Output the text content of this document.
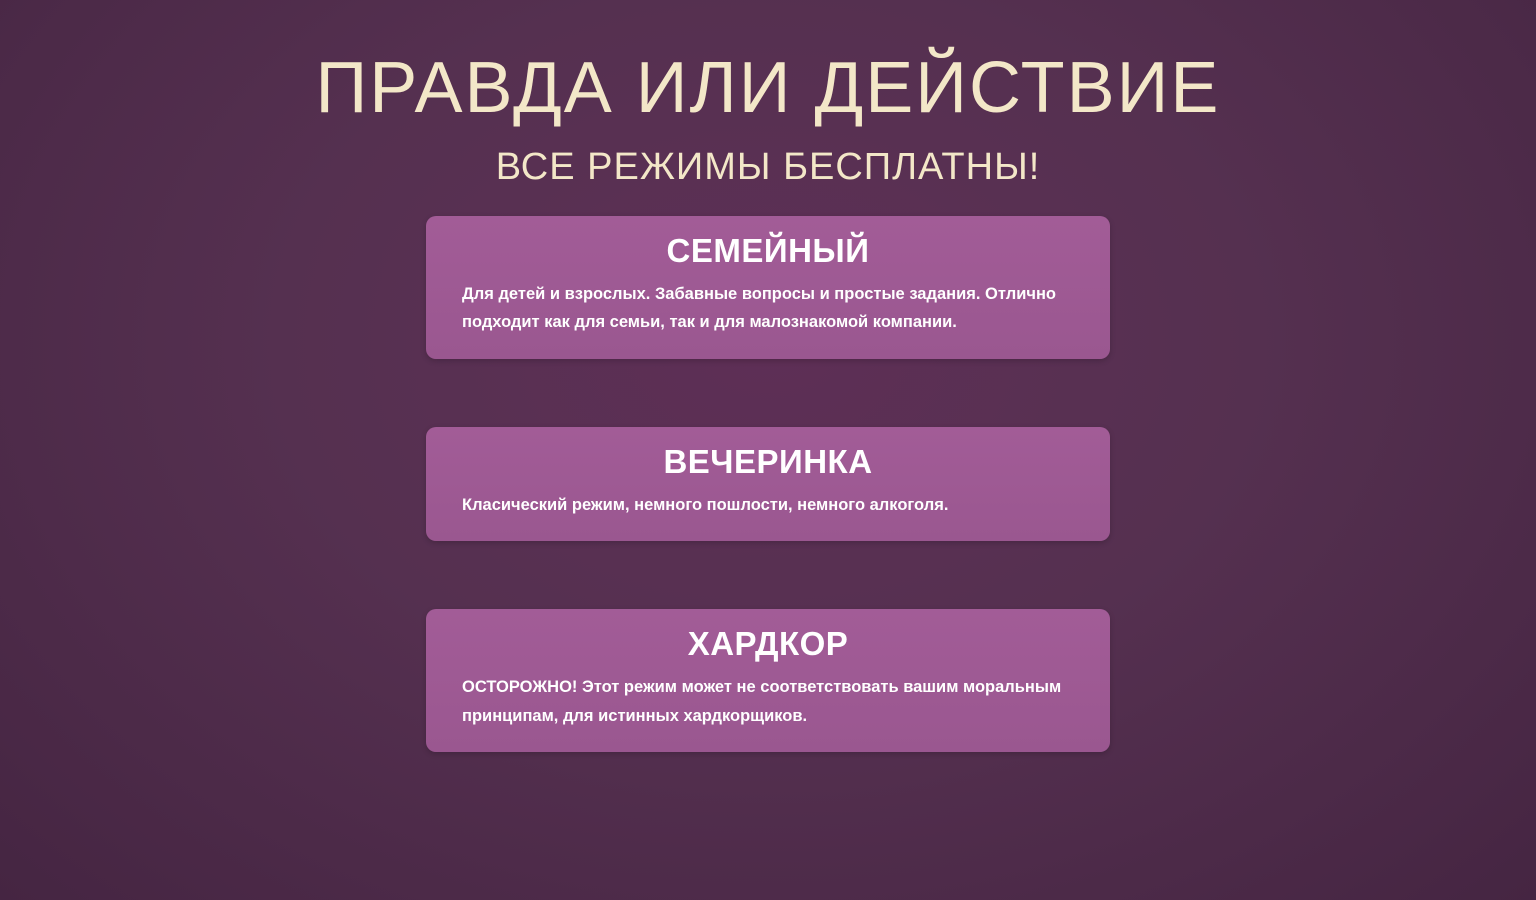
ПРАВДА ИЛИ ДЕЙСТВИЕ
ВСЕ РЕЖИМЫ БЕСПЛАТНЫ!
СЕМЕЙНЫЙ
Для детей и взрослых. Забавные вопросы и простые задания. Отлично подходит как для семьи, так и для малознакомой компании.
ВЕЧЕРИНКА
Класический режим, немного пошлости, немного алкоголя.
ХАРДКОР
ОСТОРОЖНО! Этот режим может не соответствовать вашим моральным принципам, для истинных хардкорщиков.
